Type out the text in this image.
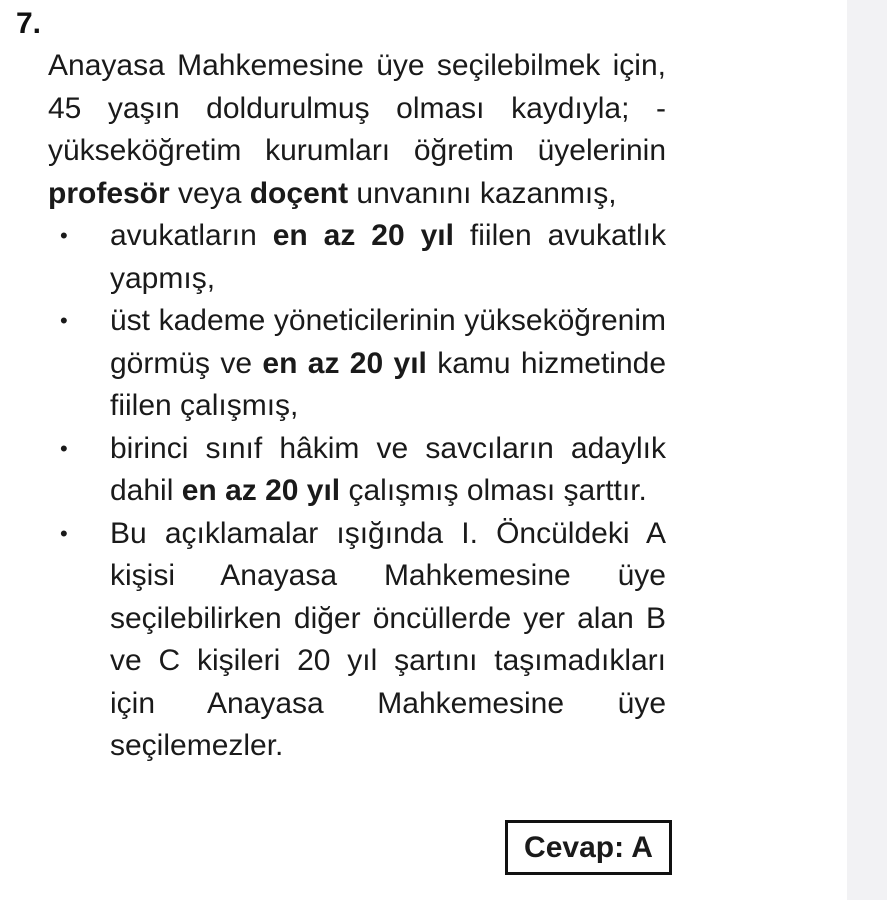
7.

Anayasa Mahkemesine üye seçilebilmek için, 45 yaşın doldurulmuş olması kaydıyla; - yükseköğretim kurumları öğretim üyelerinin profesör veya doçent unvanını kazanmış,

• avukatların en az 20 yıl fiilen avukatlık yapmış,
• üst kademe yöneticilerinin yükseköğrenim görmüş ve en az 20 yıl kamu hizmetinde fiilen çalışmış,
• birinci sınıf hâkim ve savcıların adaylık dahil en az 20 yıl çalışmış olması şarttır.
• Bu açıklamalar ışığında I. Öncüldeki A kişisi Anayasa Mahkemesine üye seçilebilirken diğer öncüllerde yer alan B ve C kişileri 20 yıl şartını taşımadıkları için Anayasa Mahkemesine üye seçilemezler.
Cevap: A
